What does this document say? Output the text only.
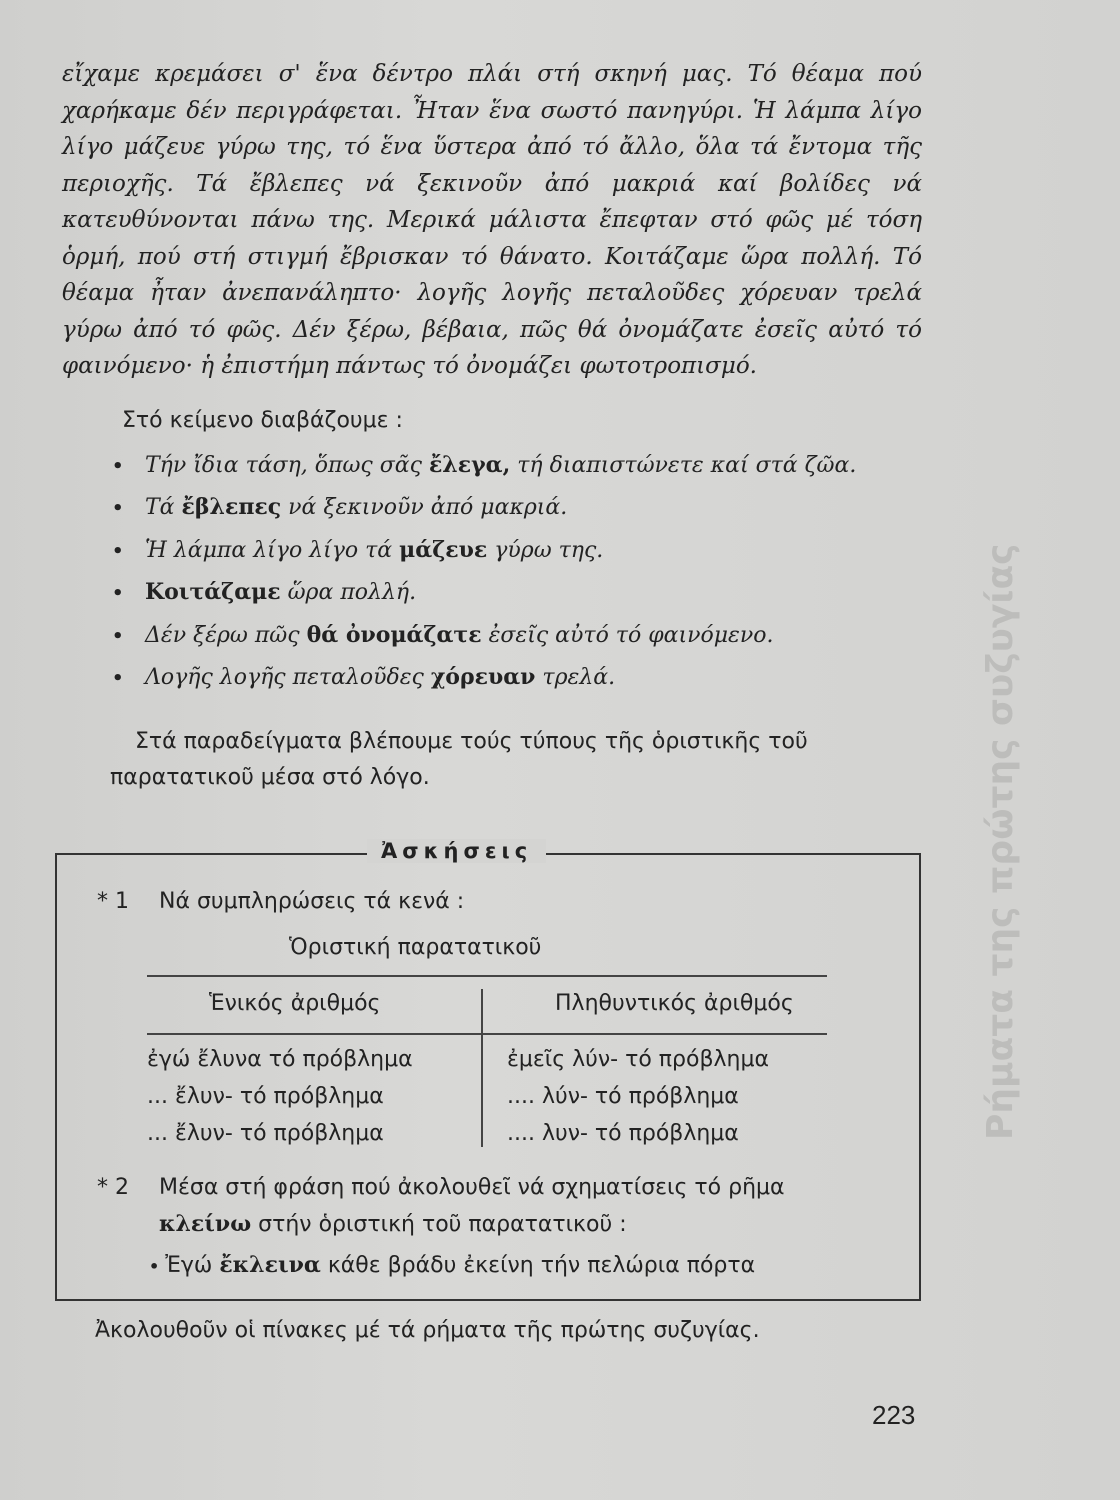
Ρήματα της πρώτης συζυγίας

εἴχαμε κρεμάσει σ' ἕνα δέντρο πλάι στή σκηνή μας. Τό θέαμα πού χαρήκαμε δέν περιγράφεται. Ἦταν ἕνα σωστό πανηγύρι. Ἡ λάμπα λίγο λίγο μάζευε γύρω της, τό ἕνα ὕστερα ἀπό τό ἄλλο, ὅλα τά ἔντομα τῆς περιοχῆς. Τά ἔβλεπες νά ξεκινοῦν ἀπό μακριά καί βολίδες νά κατευθύνονται πάνω της. Μερικά μάλιστα ἔπεφταν στό φῶς μέ τόση ὁρμή, πού στή στιγμή ἔβρισκαν τό θάνατο. Κοιτάζαμε ὥρα πολλή. Τό θέαμα ἦταν ἀνεπανάληπτο· λογῆς λογῆς πεταλοῦδες χόρευαν τρελά γύρω ἀπό τό φῶς. Δέν ξέρω, βέβαια, πῶς θά ὀνομάζατε ἐσεῖς αὐτό τό φαινόμενο· ἡ ἐπιστήμη πάντως τό ὀνομάζει φωτοτροπισμό.

Στό κείμενο διαβάζουμε :

• Τήν ἴδια τάση, ὅπως σᾶς ἔλεγα, τή διαπιστώνετε καί στά ζῶα.
• Τά ἔβλεπες νά ξεκινοῦν ἀπό μακριά.
• Ἡ λάμπα λίγο λίγο τά μάζευε γύρω της.
• Κοιτάζαμε ὥρα πολλή.
• Δέν ξέρω πῶς θά ὀνομάζατε ἐσεῖς αὐτό τό φαινόμενο.
• Λογῆς λογῆς πεταλοῦδες χόρευαν τρελά.

Στά παραδείγματα βλέπουμε τούς τύπους τῆς ὁριστικῆς τοῦ παρατατικοῦ μέσα στό λόγο.

Ἀσκήσεις
* 1 Νά συμπληρώσεις τά κενά :
Ὁριστική παρατατικοῦ
Ἑνικός ἀριθμός	Πληθυντικός ἀριθμός
ἐγώ ἔλυνα τό πρόβλημα	ἐμεῖς λύν- τό πρόβλημα
... ἔλυν- τό πρόβλημα	.... λύν- τό πρόβλημα
... ἔλυν- τό πρόβλημα	.... λυν- τό πρόβλημα
* 2 Μέσα στή φράση πού ἀκολουθεῖ νά σχηματίσεις τό ρῆμα
κλείνω στήν ὁριστική τοῦ παρατατικοῦ :
• Ἐγώ ἔκλεινα κάθε βράδυ ἐκείνη τήν πελώρια πόρτα

Ἀκολουθοῦν οἱ πίνακες μέ τά ρήματα τῆς πρώτης συζυγίας.

223
